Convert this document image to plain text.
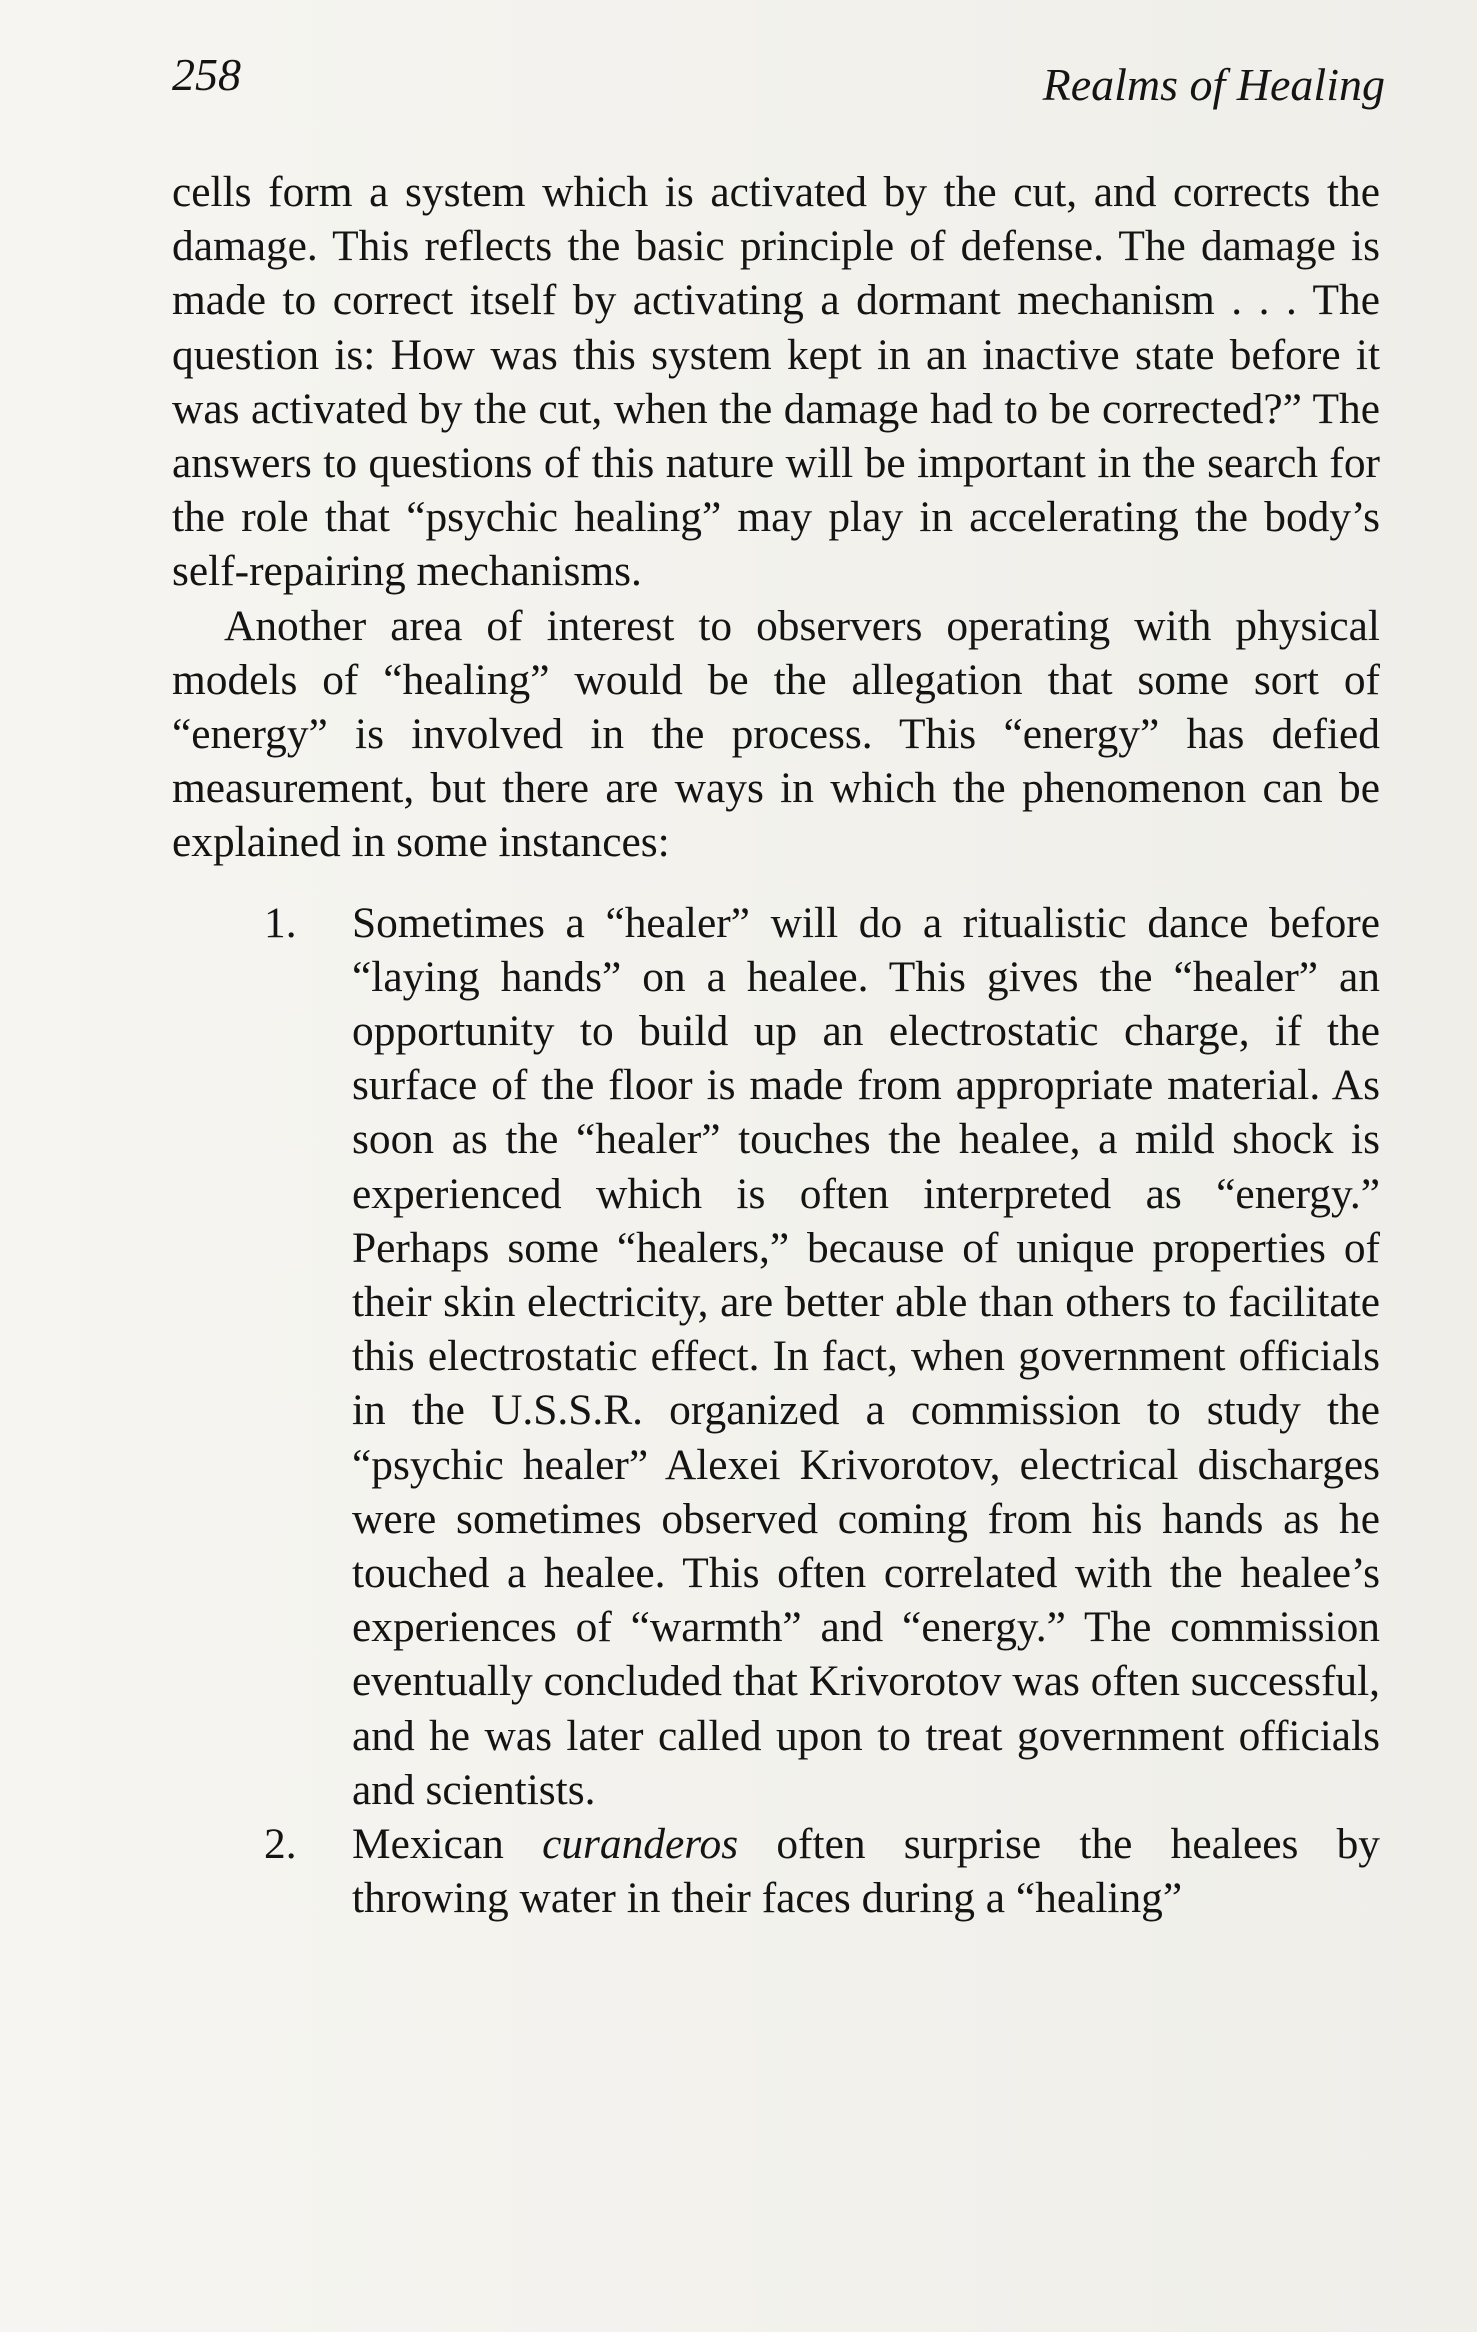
258	Realms of Healing

cells form a system which is activated by the cut, and corrects the damage. This reflects the basic principle of defense. The damage is made to correct itself by activating a dormant mechanism . . . The question is: How was this system kept in an inactive state before it was activated by the cut, when the damage had to be corrected?” The answers to questions of this nature will be important in the search for the role that “psychic healing” may play in accelerating the body’s self-repairing mechanisms.

Another area of interest to observers operating with physical models of “healing” would be the allegation that some sort of “energy” is involved in the process. This “energy” has defied measurement, but there are ways in which the phenomenon can be explained in some instances:

1. Sometimes a “healer” will do a ritualistic dance before “laying hands” on a healee. This gives the “healer” an opportunity to build up an electrostatic charge, if the surface of the floor is made from appropriate material. As soon as the “healer” touches the healee, a mild shock is experienced which is often interpreted as “energy.” Perhaps some “healers,” because of unique properties of their skin electricity, are better able than others to facilitate this electrostatic effect. In fact, when government officials in the U.S.S.R. organized a commission to study the “psychic healer” Alexei Krivorotov, electrical discharges were sometimes observed coming from his hands as he touched a healee. This often correlated with the healee’s experiences of “warmth” and “energy.” The commission eventually concluded that Krivorotov was often successful, and he was later called upon to treat government officials and scientists.

2. Mexican curanderos often surprise the healees by throwing water in their faces during a “healing”
